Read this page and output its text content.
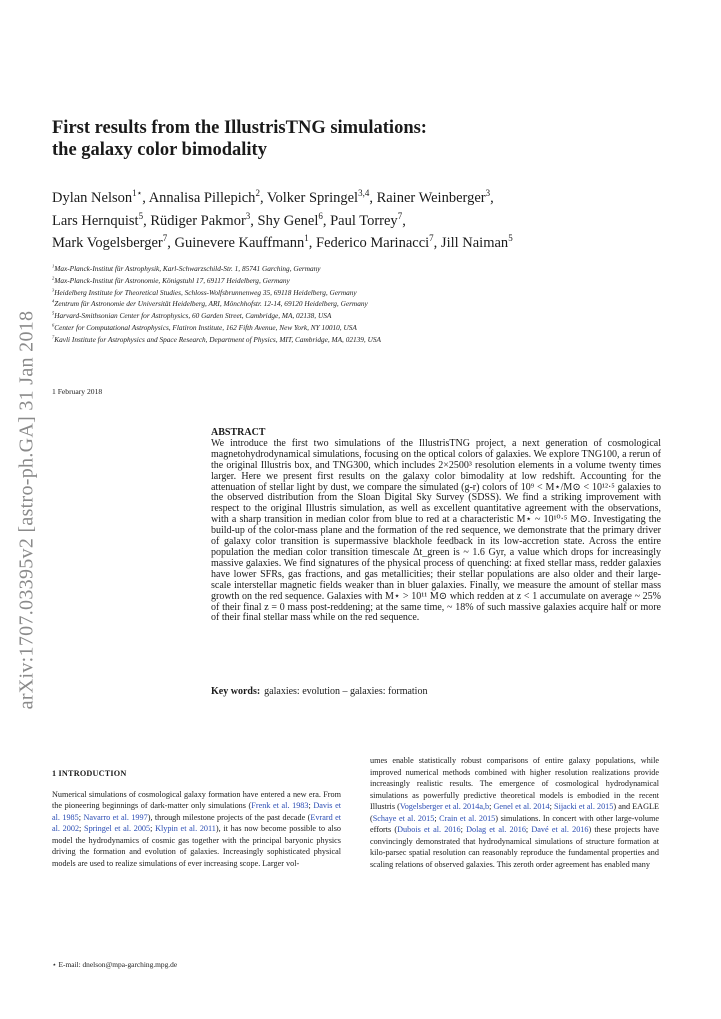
arXiv:1707.03395v2 [astro-ph.GA] 31 Jan 2018
First results from the IllustrisTNG simulations:
the galaxy color bimodality
Dylan Nelson$^{1⋆}$, Annalisa Pillepich$^2$, Volker Springel$^{3,4}$, Rainer Weinberger$^3$,
Lars Hernquist$^5$, Rüdiger Pakmor$^3$, Shy Genel$^6$, Paul Torrey$^7$,
Mark Vogelsberger$^7$, Guinevere Kauffmann$^1$, Federico Marinacci$^7$, Jill Naiman$^5$
$^1$Max-Planck-Institut für Astrophysik, Karl-Schwarzschild-Str. 1, 85741 Garching, Germany
$^2$Max-Planck-Institut für Astronomie, Königstuhl 17, 69117 Heidelberg, Germany
$^3$Heidelberg Institute for Theoretical Studies, Schloss-Wolfsbrunnenweg 35, 69118 Heidelberg, Germany
$^4$Zentrum für Astronomie der Universität Heidelberg, ARI, Mönchhofstr. 12-14, 69120 Heidelberg, Germany
$^5$Harvard-Smithsonian Center for Astrophysics, 60 Garden Street, Cambridge, MA, 02138, USA
$^6$Center for Computational Astrophysics, Flatiron Institute, 162 Fifth Avenue, New York, NY 10010, USA
$^7$Kavli Institute for Astrophysics and Space Research, Department of Physics, MIT, Cambridge, MA, 02139, USA
1 February 2018
ABSTRACT
We introduce the first two simulations of the IllustrisTNG project, a next generation of cosmological magnetohydrodynamical simulations, focusing on the optical colors of galaxies. We explore TNG100, a rerun of the original Illustris box, and TNG300, which includes 2×2500³ resolution elements in a volume twenty times larger. Here we present first results on the galaxy color bimodality at low redshift. Accounting for the attenuation of stellar light by dust, we compare the simulated (g-r) colors of 10⁹ < M⋆/M⊙ < 10¹²·⁵ galaxies to the observed distribution from the Sloan Digital Sky Survey (SDSS). We find a striking improvement with respect to the original Illustris simulation, as well as excellent quantitative agreement with the observations, with a sharp transition in median color from blue to red at a characteristic M⋆ ~ 10¹⁰·⁵ M⊙. Investigating the build-up of the color-mass plane and the formation of the red sequence, we demonstrate that the primary driver of galaxy color transition is supermassive blackhole feedback in its low-accretion state. Across the entire population the median color transition timescale Δt_green is ~ 1.6 Gyr, a value which drops for increasingly massive galaxies. We find signatures of the physical process of quenching: at fixed stellar mass, redder galaxies have lower SFRs, gas fractions, and gas metallicities; their stellar populations are also older and their large-scale interstellar magnetic fields weaker than in bluer galaxies. Finally, we measure the amount of stellar mass growth on the red sequence. Galaxies with M⋆ > 10¹¹ M⊙ which redden at z < 1 accumulate on average ~ 25% of their final z = 0 mass post-reddening; at the same time, ~ 18% of such massive galaxies acquire half or more of their final stellar mass while on the red sequence.
Key words: galaxies: evolution – galaxies: formation
1 INTRODUCTION
Numerical simulations of cosmological galaxy formation have entered a new era. From the pioneering beginnings of dark-matter only simulations (Frenk et al. 1983; Davis et al. 1985; Navarro et al. 1997), through milestone projects of the past decade (Evrard et al. 2002; Springel et al. 2005; Klypin et al. 2011), it has now become possible to also model the hydrodynamics of cosmic gas together with the principal baryonic physics driving the formation and evolution of galaxies. Increasingly sophisticated physical models are used to realize simulations of ever increasing scope. Larger vol-
umes enable statistically robust comparisons of entire galaxy populations, while improved numerical methods combined with higher resolution realizations provide increasingly realistic results. The emergence of cosmological hydrodynamical simulations as powerfully predictive theoretical models is embodied in the recent Illustris (Vogelsberger et al. 2014a,b; Genel et al. 2014; Sijacki et al. 2015) and EAGLE (Schaye et al. 2015; Crain et al. 2015) simulations. In concert with other large-volume efforts (Dubois et al. 2016; Dolag et al. 2016; Davé et al. 2016) these projects have convincingly demonstrated that hydrodynamical simulations of structure formation at kilo-parsec spatial resolution can reasonably reproduce the fundamental properties and scaling relations of observed galaxies. This zeroth order agreement has enabled many
⋆ E-mail: dnelson@mpa-garching.mpg.de
